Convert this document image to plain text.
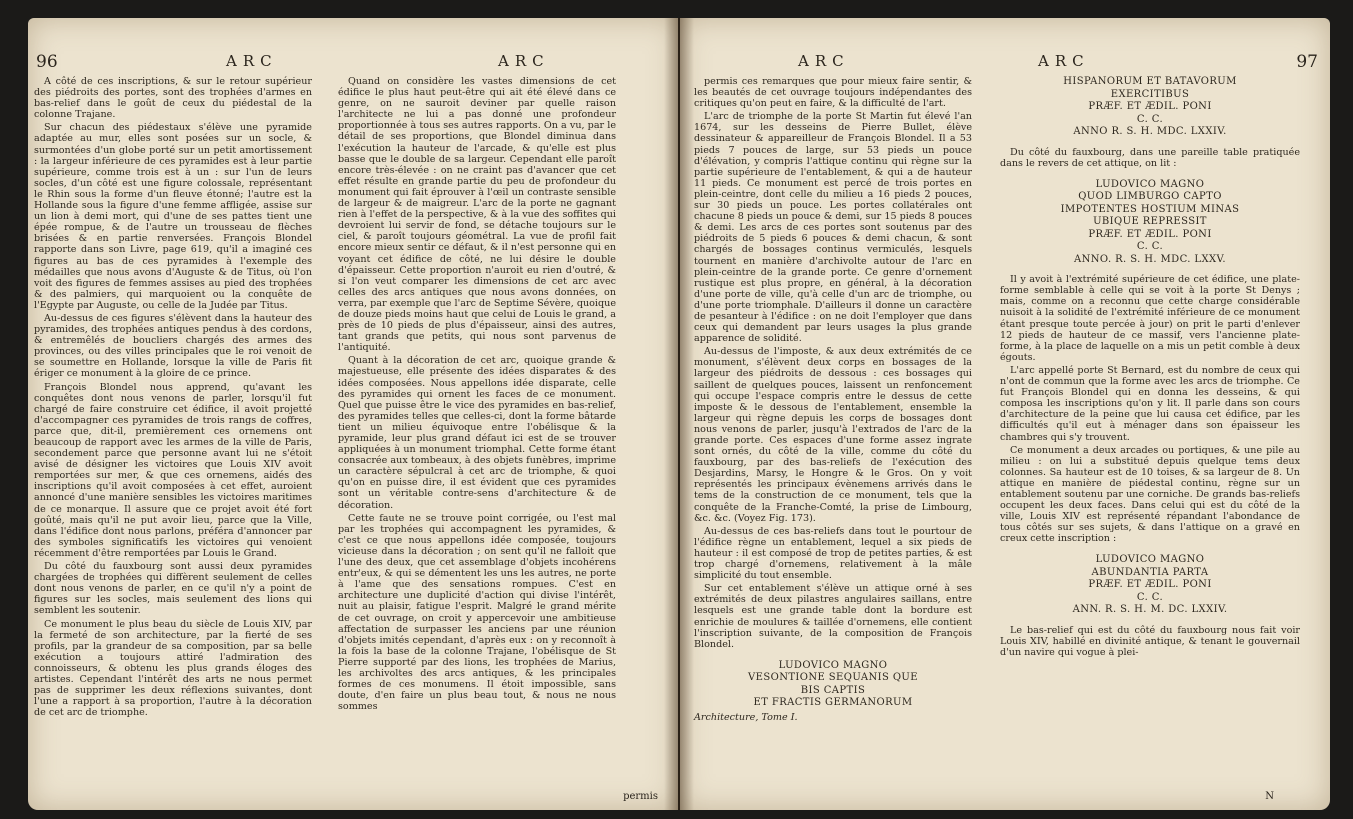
96	ARC	ARC

A côté de ces inscriptions, & sur le retour supérieur des piédroits des portes, sont des trophées d'armes en bas-relief dans le goût de ceux du piédestal de la colonne Trajane.

Sur chacun des piédestaux s'élève une pyramide adaptée au mur, elles sont posées sur un socle, & surmontées d'un globe porté sur un petit amortissement : la largeur inférieure de ces pyramides est à leur partie supérieure, comme trois est à un : sur l'un de leurs socles, d'un côté est une figure colossale, représentant le Rhin sous la forme d'un fleuve étonné; l'autre est la Hollande sous la figure d'une femme affligée, assise sur un lion à demi mort, qui d'une de ses pattes tient une épée rompue, & de l'autre un trousseau de flèches brisées & en partie renversées. François Blondel rapporte dans son Livre, page 619, qu'il a imaginé ces figures au bas de ces pyramides à l'exemple des médailles que nous avons d'Auguste & de Titus, où l'on voit des figures de femmes assises au pied des trophées & des palmiers, qui marquoient ou la conquête de l'Egypte par Auguste, ou celle de la Judée par Titus.

Au-dessus de ces figures s'élèvent dans la hauteur des pyramides, des trophées antiques pendus à des cordons, & entremêlés de boucliers chargés des armes des provinces, ou des villes principales que le roi venoit de se soumettre en Hollande, lorsque la ville de Paris fit ériger ce monument à la gloire de ce prince.

François Blondel nous apprend, qu'avant les conquêtes dont nous venons de parler, lorsqu'il fut chargé de faire construire cet édifice, il avoit projetté d'accompagner ces pyramides de trois rangs de coffres, parce que, dit-il, premièrement ces ornemens ont beaucoup de rapport avec les armes de la ville de Paris, secondement parce que personne avant lui ne s'étoit avisé de désigner les victoires que Louis XIV avoit remportées sur mer, & que ces ornemens, aidés des inscriptions qu'il avoit composées à cet effet, auroient annoncé d'une manière sensibles les victoires maritimes de ce monarque. Il assure que ce projet avoit été fort goûté, mais qu'il ne put avoir lieu, parce que la Ville, dans l'édifice dont nous parlons, préféra d'annoncer par des symboles significatifs les victoires qui venoient récemment d'être remportées par Louis le Grand.

Du côté du fauxbourg sont aussi deux pyramides chargées de trophées qui diffèrent seulement de celles dont nous venons de parler, en ce qu'il n'y a point de figures sur les socles, mais seulement des lions qui semblent les soutenir.

Ce monument le plus beau du siècle de Louis XIV, par la fermeté de son architecture, par la fierté de ses profils, par la grandeur de sa composition, par sa belle exécution a toujours attiré l'admiration des connoisseurs, & obtenu les plus grands éloges des artistes. Cependant l'intérêt des arts ne nous permet pas de supprimer les deux réflexions suivantes, dont l'une a rapport à sa proportion, l'autre à la décoration de cet arc de triomphe.

Quand on considère les vastes dimensions de cet édifice le plus haut peut-être qui ait été élevé dans ce genre, on ne sauroit deviner par quelle raison l'architecte ne lui a pas donné une profondeur proportionnée à tous ses autres rapports. On a vu, par le détail de ses proportions, que Blondel diminua dans l'exécution la hauteur de l'arcade, & qu'elle est plus basse que le double de sa largeur. Cependant elle paroît encore très-élevée : on ne craint pas d'avancer que cet effet résulte en grande partie du peu de profondeur du monument qui fait éprouver à l'œil un contraste sensible de largeur & de maigreur. L'arc de la porte ne gagnant rien à l'effet de la perspective, & à la vue des soffites qui devroient lui servir de fond, se détache toujours sur le ciel, & paroît toujours géométral. La vue de profil fait encore mieux sentir ce défaut, & il n'est personne qui en voyant cet édifice de côté, ne lui désire le double d'épaisseur. Cette proportion n'auroit eu rien d'outré, & si l'on veut comparer les dimensions de cet arc avec celles des arcs antiques que nous avons données, on verra, par exemple que l'arc de Septime Sévère, quoique de douze pieds moins haut que celui de Louis le grand, a près de 10 pieds de plus d'épaisseur, ainsi des autres, tant grands que petits, qui nous sont parvenus de l'antiquité.

Quant à la décoration de cet arc, quoique grande & majestueuse, elle présente des idées disparates & des idées composées. Nous appellons idée disparate, celle des pyramides qui ornent les faces de ce monument. Quel que puisse être le vice des pyramides en bas-relief, des pyramides telles que celles-ci, dont la forme bâtarde tient un milieu équivoque entre l'obélisque & la pyramide, leur plus grand défaut ici est de se trouver appliquées à un monument triomphal. Cette forme étant consacrée aux tombeaux, à des objets funèbres, imprime un caractère sépulcral à cet arc de triomphe, & quoi qu'on en puisse dire, il est évident que ces pyramides sont un véritable contre-sens d'architecture & de décoration.

Cette faute ne se trouve point corrigée, ou l'est mal par les trophées qui accompagnent les pyramides, & c'est ce que nous appellons idée composée, toujours vicieuse dans la décoration ; on sent qu'il ne falloit que l'une des deux, que cet assemblage d'objets incohérens entr'eux, & qui se démentent les uns les autres, ne porte à l'ame que des sensations rompues. C'est en architecture une duplicité d'action qui divise l'intérêt, nuit au plaisir, fatigue l'esprit. Malgré le grand mérite de cet ouvrage, on croit y appercevoir une ambitieuse affectation de surpasser les anciens par une réunion d'objets imités cependant, d'après eux : on y reconnoît à la fois la base de la colonne Trajane, l'obélisque de St Pierre supporté par des lions, les trophées de Marius, les archivoltes des arcs antiques, & les principales formes de ces monumens. Il étoit impossible, sans doute, d'en faire un plus beau tout, & nous ne nous sommes

permis
ARC	ARC	97

permis ces remarques que pour mieux faire sentir, & les beautés de cet ouvrage toujours indépendantes des critiques qu'on peut en faire, & la difficulté de l'art.

L'arc de triomphe de la porte St Martin fut élevé l'an 1674, sur les desseins de Pierre Bullet, élève dessinateur & appareilleur de François Blondel. Il a 53 pieds 7 pouces de large, sur 53 pieds un pouce d'élévation, y compris l'attique continu qui règne sur la partie supérieure de l'entablement, & qui a de hauteur 11 pieds. Ce monument est percé de trois portes en plein-ceintre, dont celle du milieu a 16 pieds 2 pouces, sur 30 pieds un pouce. Les portes collatérales ont chacune 8 pieds un pouce & demi, sur 15 pieds 8 pouces & demi. Les arcs de ces portes sont soutenus par des piédroits de 5 pieds 6 pouces & demi chacun, & sont chargés de bossages continus vermiculés, lesquels tournent en manière d'archivolte autour de l'arc en plein-ceintre de la grande porte. Ce genre d'ornement rustique est plus propre, en général, à la décoration d'une porte de ville, qu'à celle d'un arc de triomphe, ou d'une porte triomphale. D'ailleurs il donne un caractère de pesanteur à l'édifice : on ne doit l'employer que dans ceux qui demandent par leurs usages la plus grande apparence de solidité.

Au-dessus de l'imposte, & aux deux extrémités de ce monument, s'élèvent deux corps en bossages de la largeur des piédroits de dessous : ces bossages qui saillent de quelques pouces, laissent un renfoncement qui occupe l'espace compris entre le dessus de cette imposte & le dessous de l'entablement, ensemble la largeur qui règne depuis les corps de bossages dont nous venons de parler, jusqu'à l'extrados de l'arc de la grande porte. Ces espaces d'une forme assez ingrate sont ornés, du côté de la ville, comme du côté du fauxbourg, par des bas-reliefs de l'exécution des Desjardins, Marsy, le Hongre & le Gros. On y voit représentés les principaux évènemens arrivés dans le tems de la construction de ce monument, tels que la conquête de la Franche-Comté, la prise de Limbourg, &c. &c. (Voyez Fig. 173).

Au-dessus de ces bas-reliefs dans tout le pourtour de l'édifice règne un entablement, lequel a six pieds de hauteur : il est composé de trop de petites parties, & est trop chargé d'ornemens, relativement à la mâle simplicité du tout ensemble.

Sur cet entablement s'élève un attique orné à ses extrémités de deux pilastres angulaires saillans, entre lesquels est une grande table dont la bordure est enrichie de moulures & taillée d'ornemens, elle contient l'inscription suivante, de la composition de François Blondel.

LUDOVICO MAGNO

VESONTIONE SEQUANIS QUE

BIS CAPTIS

ET FRACTIS GERMANORUM

Architecture, Tome I.

HISPANORUM ET BATAVORUM

EXERCITIBUS

PRÆF. ET ÆDIL. PONI

C. C.

ANNO R. S. H. MDC. LXXIV.

Du côté du fauxbourg, dans une pareille table pratiquée dans le revers de cet attique, on lit :

LUDOVICO MAGNO

QUOD LIMBURGO CAPTO

IMPOTENTES HOSTIUM MINAS

UBIQUE REPRESSIT

PRÆF. ET ÆDIL. PONI

C. C.

ANNO. R. S. H. MDC. LXXV.

Il y avoit à l'extrémité supérieure de cet édifice, une plate-forme semblable à celle qui se voit à la porte St Denys ; mais, comme on a reconnu que cette charge considérable nuisoit à la solidité de l'extrémité inférieure de ce monument étant presque toute percée à jour) on prit le parti d'enlever 12 pieds de hauteur de ce massif, vers l'ancienne plate-forme, à la place de laquelle on a mis un petit comble à deux égouts.

L'arc appellé porte St Bernard, est du nombre de ceux qui n'ont de commun que la forme avec les arcs de triomphe. Ce fut François Blondel qui en donna les desseins, & qui composa les inscriptions qu'on y lit. Il parle dans son cours d'architecture de la peine que lui causa cet édifice, par les difficultés qu'il eut à ménager dans son épaisseur les chambres qui s'y trouvent.

Ce monument a deux arcades ou portiques, & une pile au milieu : on lui a substitué depuis quelque tems deux colonnes. Sa hauteur est de 10 toises, & sa largeur de 8. Un attique en manière de piédestal continu, règne sur un entablement soutenu par une corniche. De grands bas-reliefs occupent les deux faces. Dans celui qui est du côté de la ville, Louis XIV est représenté répandant l'abondance de tous côtés sur ses sujets, & dans l'attique on a gravé en creux cette inscription :

LUDOVICO MAGNO

ABUNDANTIA PARTA

PRÆF. ET ÆDIL. PONI

C. C.

ANN. R. S. H. M. DC. LXXIV.

Le bas-relief qui est du côté du fauxbourg nous fait voir Louis XIV, habillé en divinité antique, & tenant le gouvernail d'un navire qui vogue à plei-

N
